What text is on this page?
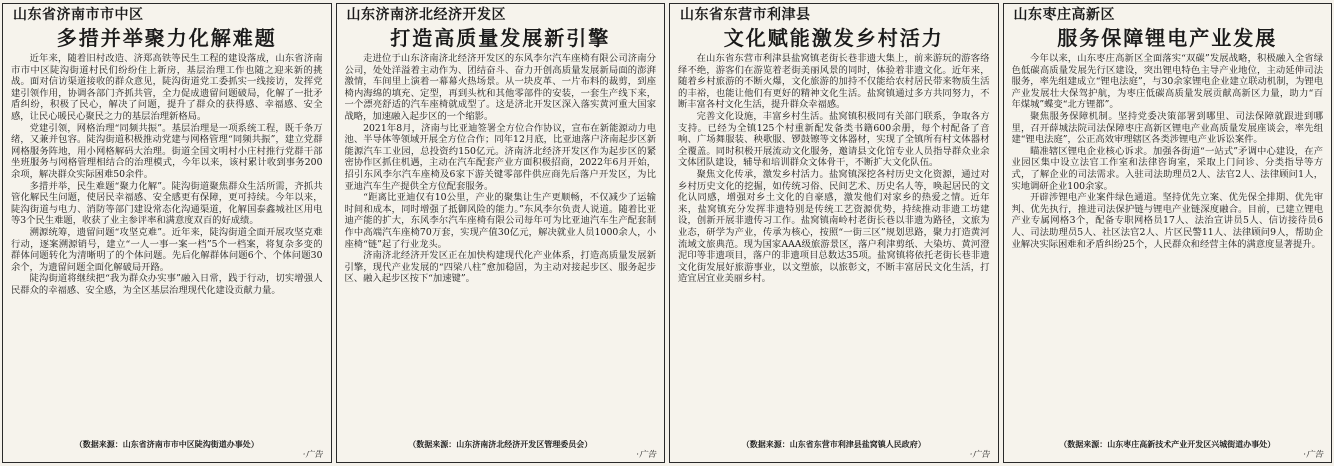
山东省济南市市中区
多措并举聚力化解难题

近年来，随着旧村改造、济郑高铁等民生工程的建设落成，山东省济南市市中区陡沟街道村民们纷纷住上新房，基层治理工作也随之迎来新的挑战。面对信访渠道接收的群众意见，陡沟街道党工委抓实一线接访，发挥党建引领作用，协调各部门齐抓共管，全力促成遗留问题破局，化解了一批矛盾纠纷，积极了民心，解决了问题，提升了群众的获得感、幸福感、安全感，让民心暖民心聚民之力的基层治理新格局。

党建引领，网格治理“同频共振”。基层治理是一项系统工程，既千条万绪，又兼并包容。陡沟街道积极推动党建与网格管理“同频共振”，建立党群网格服务阵地，用小网格解码大治理。街道全国文明村小庄村推行党群干部坐班服务与网格管理相结合的治理模式，今年以来，该村累计收到事务200余项，解决群众实际困难50余件。

多措并举，民生难题“聚力化解”。陡沟街道聚焦群众生活所需，齐抓共管化解民生问题，使居民幸福感、安全感更有保障，更可持续。今年以来，陡沟街道与电力、消防等部门建设常态化沟通渠道，化解国泰鑫城社区用电等3个民生难题，收获了业主参评率和满意度双百的好成绩。

溯源统筹，遗留问题“攻坚克难”。近年来，陡沟街道全面开展攻坚克难行动，逐案溯源销号，建立“一人一事一案一档”5个一档案，将复杂多变的群体问题转化为清晰明了的个体问题。先后化解群体问题6个、个体问题30余个，为遗留问题全面化解破局开路。

陡沟街道将继续把“我为群众办实事”融入日常，践于行动，切实增强人民群众的幸福感、安全感，为全区基层治理现代化建设贡献力量。

（数据来源：山东省济南市市中区陡沟街道办事处）
·广告
山东济南济北经济开发区
打造高质量发展新引擎

走进位于山东济南济北经济开发区的东风李尔汽车座椅有限公司济南分公司，处处洋溢着主动作为、团结奋斗、奋力开创高质量发展新局面的澎湃激情，车间里上演着一幕幕火热场景。从一块皮革、一片布料的裁剪，到座椅内海绵的填充、定型，再到头枕和其他零部件的安装，一套生产线下来，一个漂亮舒适的汽车座椅就成型了。这是济北开发区深入落实黄河重大国家战略，加速融入起步区的一个缩影。

2021年8月，济南与比亚迪签署全方位合作协议，宣布在新能源动力电池、半导体等领域开展全方位合作；同年12月底，比亚迪落户济南起步区新能源汽车工业园，总投资约150亿元。济南济北经济开发区作为起步区的紧密协作区抓住机遇，主动在汽车配套产业方面积极招商，2022年6月开始，招引东风李尔汽车座椅及6家下游关键零部件供应商先后落户开发区，为比亚迪汽车生产提供全方位配套服务。

“距离比亚迪仅有10公里，产业的聚集让生产更顺畅，不仅减少了运输时间和成本，同时增强了抵御风险的能力。”东风李尔负责人说道。随着比亚迪产能的扩大，东风李尔汽车座椅有限公司每年可为比亚迪汽车生产配套制作中高端汽车座椅70万套，实现产值30亿元，解决就业人员1000余人，小座椅“链”起了行业龙头。

济南济北经济开发区正在加快构建现代化产业体系，打造高质量发展新引擎，现代产业发展的“四梁八柱”愈加稳固，为主动对接起步区、服务起步区、融入起步区按下“加速键”。

（数据来源：山东济南济北经济开发区管理委员会）
·广告
山东省东营市利津县
文化赋能激发乡村活力

在山东省东营市利津县盐窝镇老街长巷非遗大集上，前来游玩的游客络绎不绝，游客们在游览着老街美丽风景的同时，体验着非遗文化。近年来，随着乡村旅游的不断火爆，文化旅游的加持不仅能给农村居民带来物质生活的丰裕，也能让他们有更好的精神文化生活。盐窝镇通过多方共同努力，不断丰富各村文化生活，提升群众幸福感。

完善文化设施，丰富乡村生活。盐窝镇积极同有关部门联系，争取各方支持。已经为全镇125个村重新配发备类书籍600余册，每个村配备了音响、广场舞服装、秧歌服、锣鼓镲等文体器材，实现了全镇所有村文体器材全覆盖。同时积极开展流动文化服务，邀请县文化馆专业人员指导群众业余文体团队建设，辅导和培训群众文体骨干，不断扩大文化队伍。

聚焦文化传承，激发乡村活力。盐窝镇深挖各村历史文化资源，通过对乡村历史文化的挖掘，如传统习俗、民间艺术、历史名人等，唤起居民的文化认同感，增强对乡土文化的自豪感，激发他们对家乡的热爱之情。近年来，盐窝镇充分发挥非遗特别是传统工艺资源优势，持续推动非遗工坊建设，创新开展非遗传习工作。盐窝镇南岭村老街长巷以非遗为路径，文旅为业态，研学为产业，传承为核心，按照“一街三区”规划思路，聚力打造黄河流域文旅典范。现为国家AAA级旅游景区，落户利津剪纸、大染坊、黄河澄泥印等非遗项目，落户的非遗项目总数达35项。盐窝镇将依托老街长巷非遗文化街发展好旅游事业，以文塑旅，以旅彰文，不断丰富居民文化生活，打造宜居宜业美丽乡村。

（数据来源：山东省东营市利津县盐窝镇人民政府）
·广告
山东枣庄高新区
服务保障锂电产业发展

今年以来，山东枣庄高新区全面落实“双碳”发展战略，积极融入全省绿色低碳高质量发展先行区建设，突出锂电特色主导产业地位，主动延伸司法服务，率先组建成立“锂电法庭”，与30余家锂电企业建立联动机制，为锂电产业发展壮大保驾护航，为枣庄低碳高质量发展贡献高新区力量，助力“百年煤城”蝶变“北方锂都”。

聚焦服务保障机制。坚持党委决策部署到哪里、司法保障就跟进到哪里，召开薛城法院司法保障枣庄高新区锂电产业高质量发展座谈会，率先组建“锂电法庭”，公正高效审理辖区各类涉锂电产业诉讼案件。

瞄准辖区锂电企业核心诉求。加强各街道“一站式”矛调中心建设，在产业园区集中设立法官工作室和法律咨询室，采取上门问诊、分类指导等方式，了解企业的司法需求。入驻司法助理员2人、法官2人、法律顾问1人，实地调研企业100余家。

开辟涉锂电产业案件绿色通道。坚持优先立案、优先保全排期、优先审判、优先执行，推进司法保护链与锂电产业链深度融合。目前，已建立锂电产业专属网格3个，配备专职网格员17人、法治宣讲员5人、信访接待员6人、司法助理员5人、社区法官2人、片区民警11人、法律顾问9人，帮助企业解决实际困难和矛盾纠纷25个，人民群众和经营主体的满意度显著提升。

（数据来源：山东枣庄高新技术产业开发区兴城街道办事处）
·广告
